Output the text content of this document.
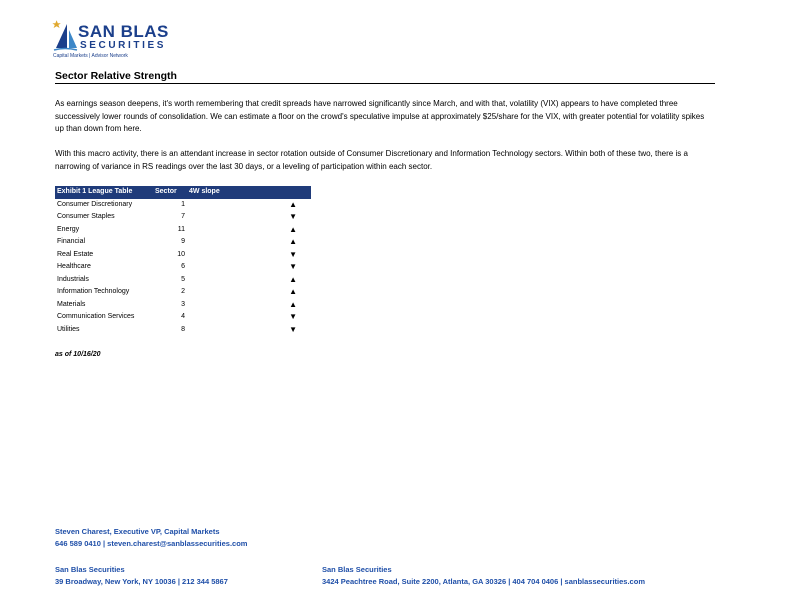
SAN BLAS
SECURITIES
Capital Markets | Advisor Network
Sector Relative Strength

As earnings season deepens, it's worth remembering that credit spreads have narrowed significantly since March, and with that, volatility (VIX) appears to have completed three successively lower rounds of consolidation. We can estimate a floor on the crowd's speculative impulse at approximately $25/share for the VIX, with greater potential for volatility spikes up than down from here.

With this macro activity, there is an attendant increase in sector rotation outside of Consumer Discretionary and Information Technology sectors. Within both of these two, there is a narrowing of variance in RS readings over the last 30 days, or a leveling of participation within each sector.

Exhibit 1 League Table	Sector	4W slope
Consumer Discretionary	1	▲
Consumer Staples	7	▼
Energy	11	▲
Financial	9	▲
Real Estate	10	▼
Healthcare	6	▼
Industrials	5	▲
Information Technology	2	▲
Materials	3	▲
Communication Services	4	▼
Utilities	8	▼
as of 10/16/20
Steven Charest, Executive VP, Capital Markets
646 589 0410 | steven.charest@sanblassecurities.com
San Blas Securities
39 Broadway, New York, NY 10036 | 212 344 5867
San Blas Securities
3424 Peachtree Road, Suite 2200, Atlanta, GA 30326 | 404 704 0406 | sanblassecurities.com
